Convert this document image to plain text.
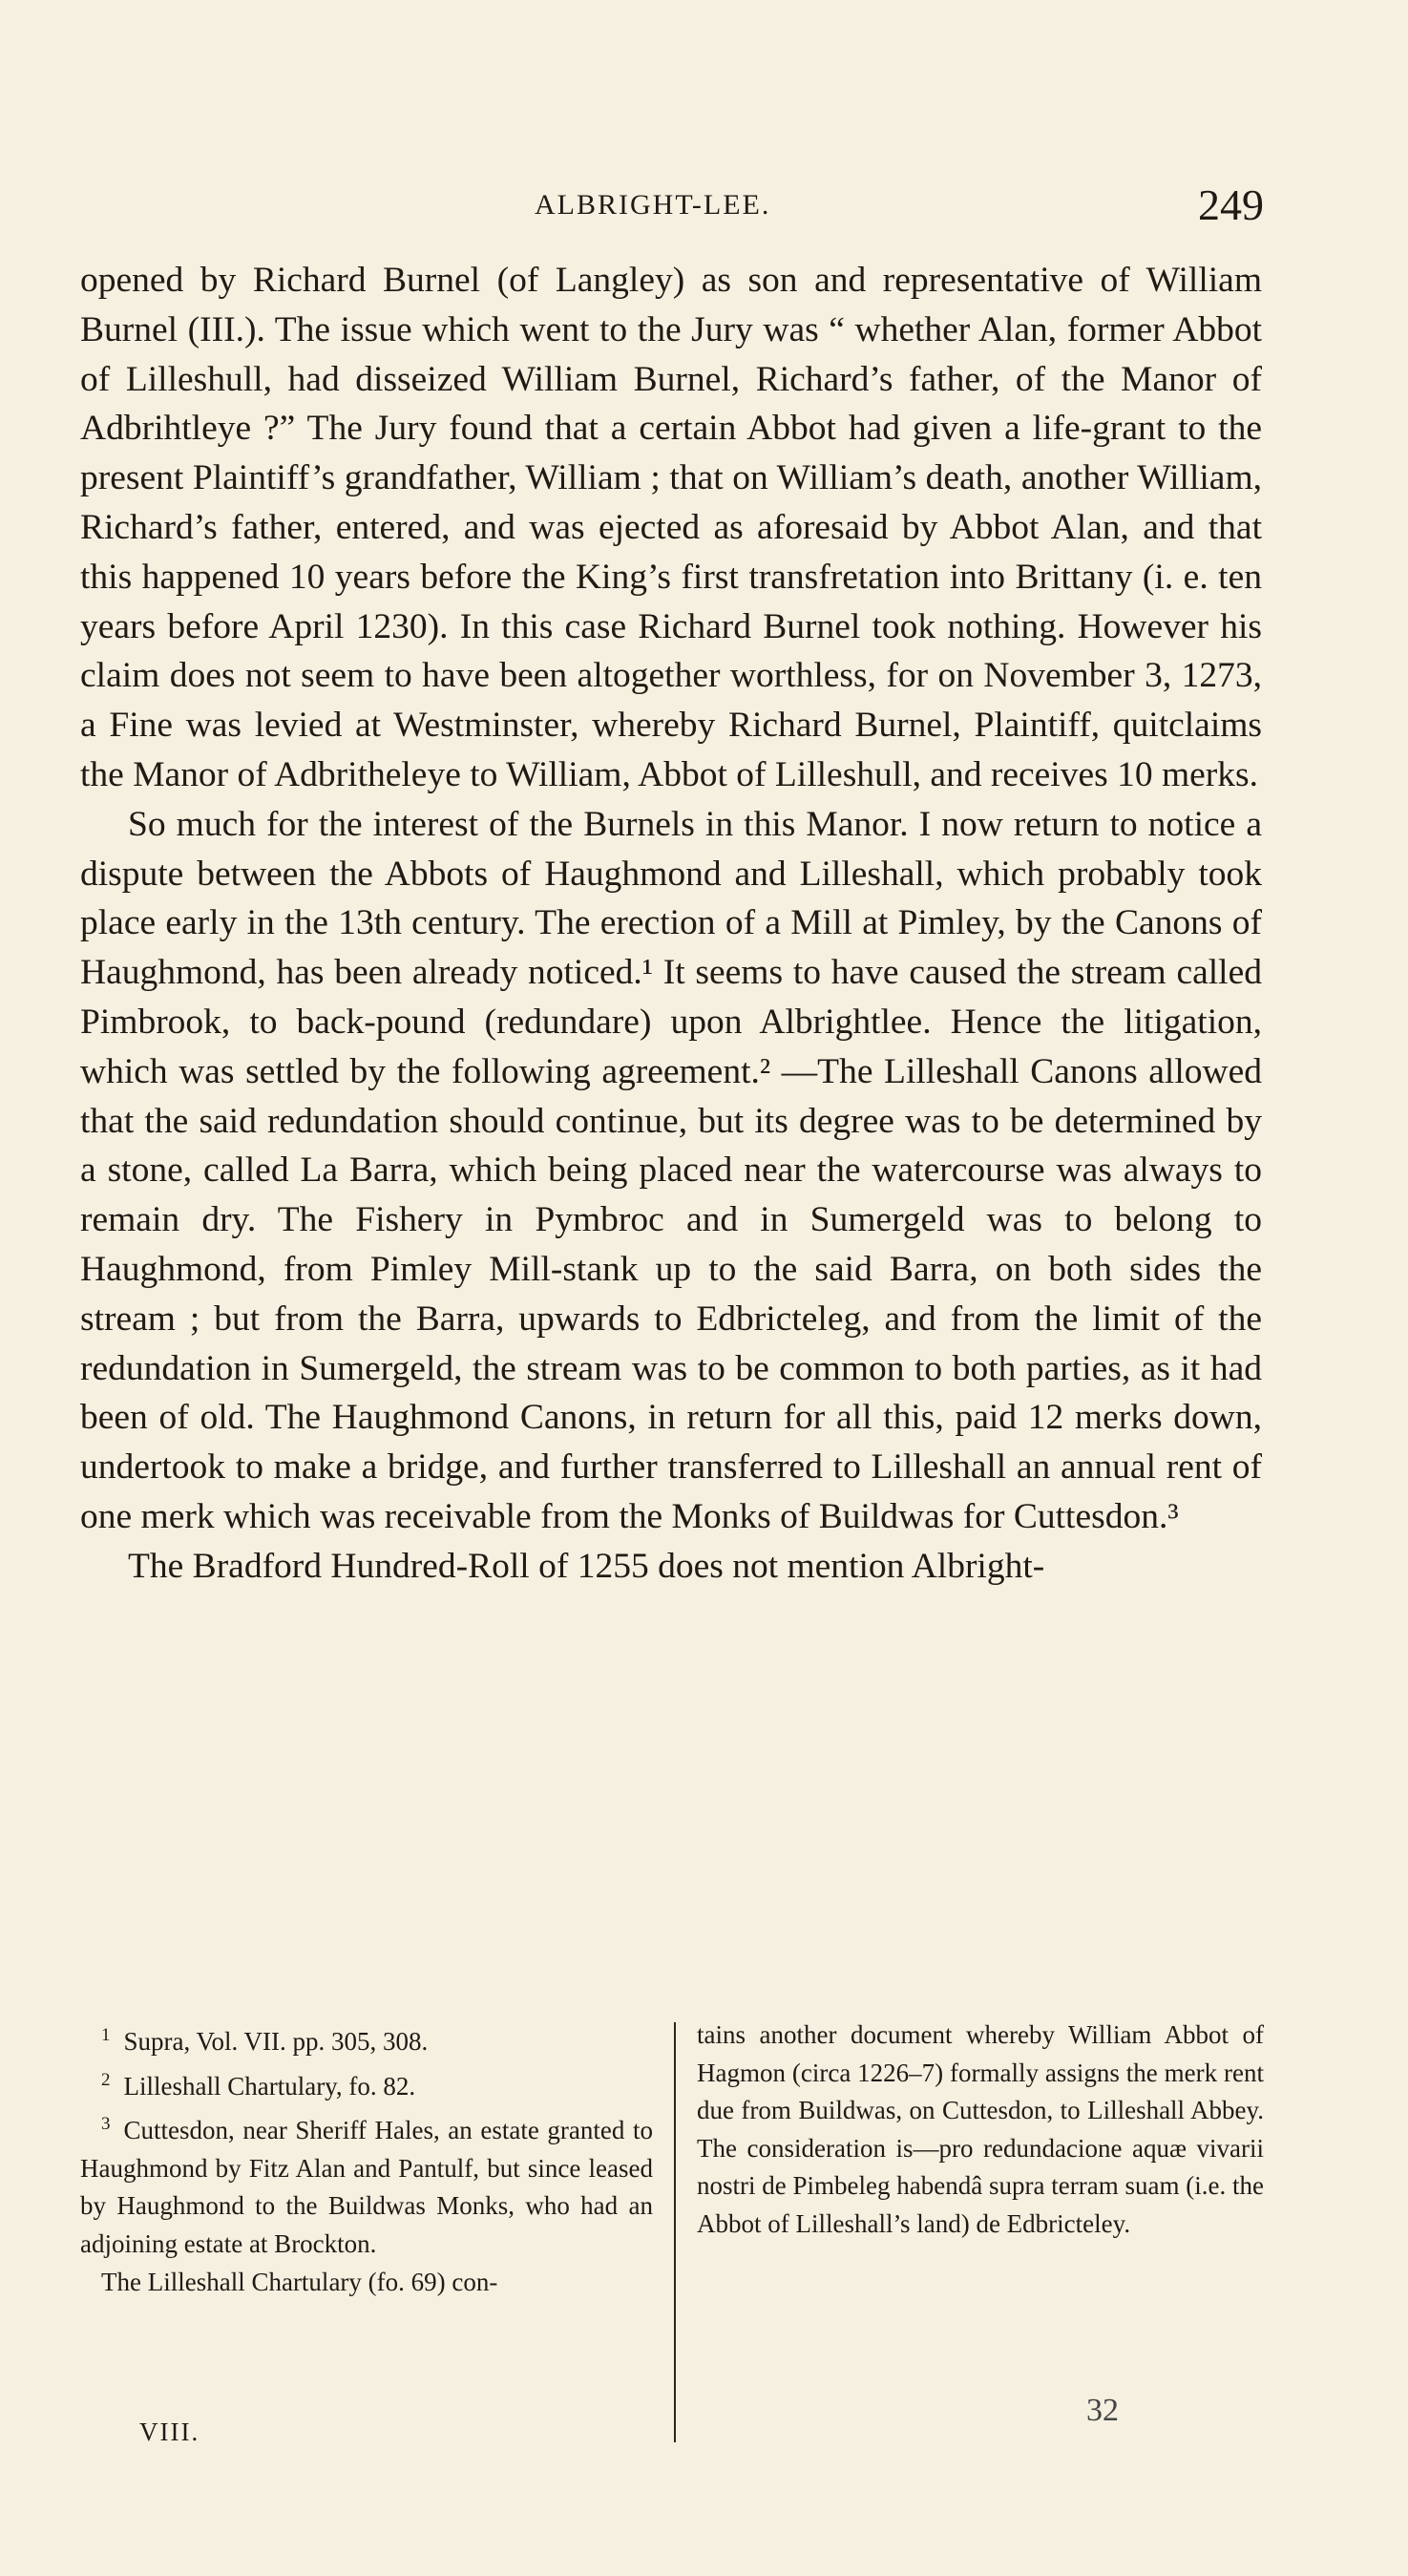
ALBRIGHT-LEE.	249

opened by Richard Burnel (of Langley) as son and representative of William Burnel (III.). The issue which went to the Jury was “ whether Alan, former Abbot of Lilleshull, had disseized William Burnel, Richard’s father, of the Manor of Adbrihtleye ?” The Jury found that a certain Abbot had given a life-grant to the present Plaintiff’s grandfather, William ; that on William’s death, another William, Richard’s father, entered, and was ejected as aforesaid by Abbot Alan, and that this happened 10 years before the King’s first transfretation into Brittany (i. e. ten years before April 1230). In this case Richard Burnel took nothing. However his claim does not seem to have been altogether worthless, for on November 3, 1273, a Fine was levied at Westminster, whereby Richard Burnel, Plaintiff, quitclaims the Manor of Adbritheleye to William, Abbot of Lilleshull, and receives 10 merks.

So much for the interest of the Burnels in this Manor. I now return to notice a dispute between the Abbots of Haughmond and Lilleshall, which probably took place early in the 13th century. The erection of a Mill at Pimley, by the Canons of Haughmond, has been already noticed.¹ It seems to have caused the stream called Pimbrook, to back-pound (redundare) upon Albrightlee. Hence the litigation, which was settled by the following agreement.² —The Lilleshall Canons allowed that the said redundation should continue, but its degree was to be determined by a stone, called La Barra, which being placed near the watercourse was always to remain dry. The Fishery in Pymbroc and in Sumergeld was to belong to Haughmond, from Pimley Mill-stank up to the said Barra, on both sides the stream ; but from the Barra, upwards to Edbricteleg, and from the limit of the redundation in Sumergeld, the stream was to be common to both parties, as it had been of old. The Haughmond Canons, in return for all this, paid 12 merks down, undertook to make a bridge, and further transferred to Lilleshall an annual rent of one merk which was receivable from the Monks of Buildwas for Cuttesdon.³

The Bradford Hundred-Roll of 1255 does not mention Albright-

$^1$ Supra, Vol. VII. pp. 305, 308.

$^2$ Lilleshall Chartulary, fo. 82.

$^3$ Cuttesdon, near Sheriff Hales, an estate granted to Haughmond by Fitz Alan and Pantulf, but since leased by Haughmond to the Buildwas Monks, who had an adjoining estate at Brockton.

The Lilleshall Chartulary (fo. 69) con-

tains another document whereby William Abbot of Hagmon (circa 1226–7) formally assigns the merk rent due from Buildwas, on Cuttesdon, to Lilleshall Abbey. The consideration is—pro redundacione aquæ vivarii nostri de Pimbeleg habendâ supra terram suam (i.e. the Abbot of Lilleshall’s land) de Edbricteley.

VIII.
32
